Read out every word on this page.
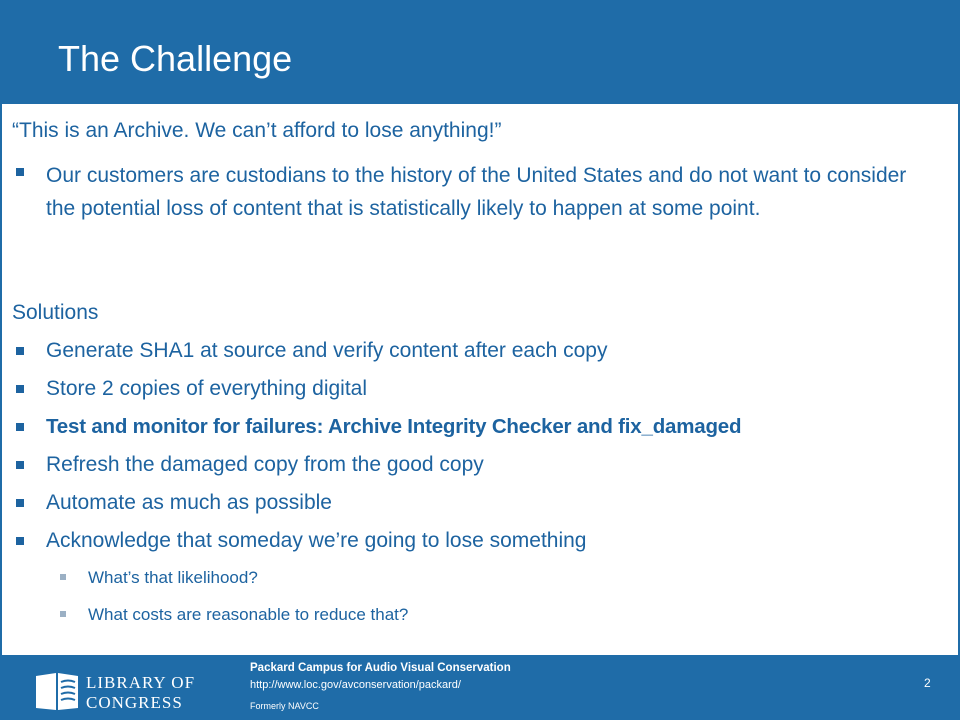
The Challenge

“This is an Archive. We can’t afford to lose anything!”

Our customers are custodians to the history of the United States and do not want to consider the potential loss of content that is statistically likely to happen at some point.

Solutions

Generate SHA1 at source and verify content after each copy

Store 2 copies of everything digital

Test and monitor for failures: Archive Integrity Checker and fix_damaged

Refresh the damaged copy from the good copy

Automate as much as possible

Acknowledge that someday we’re going to lose something

What’s that likelihood?

What costs are reasonable to reduce that?

LIBRARY OF
CONGRESS

Packard Campus for Audio Visual Conservation

http://www.loc.gov/avconservation/packard/

Formerly NAVCC

2
